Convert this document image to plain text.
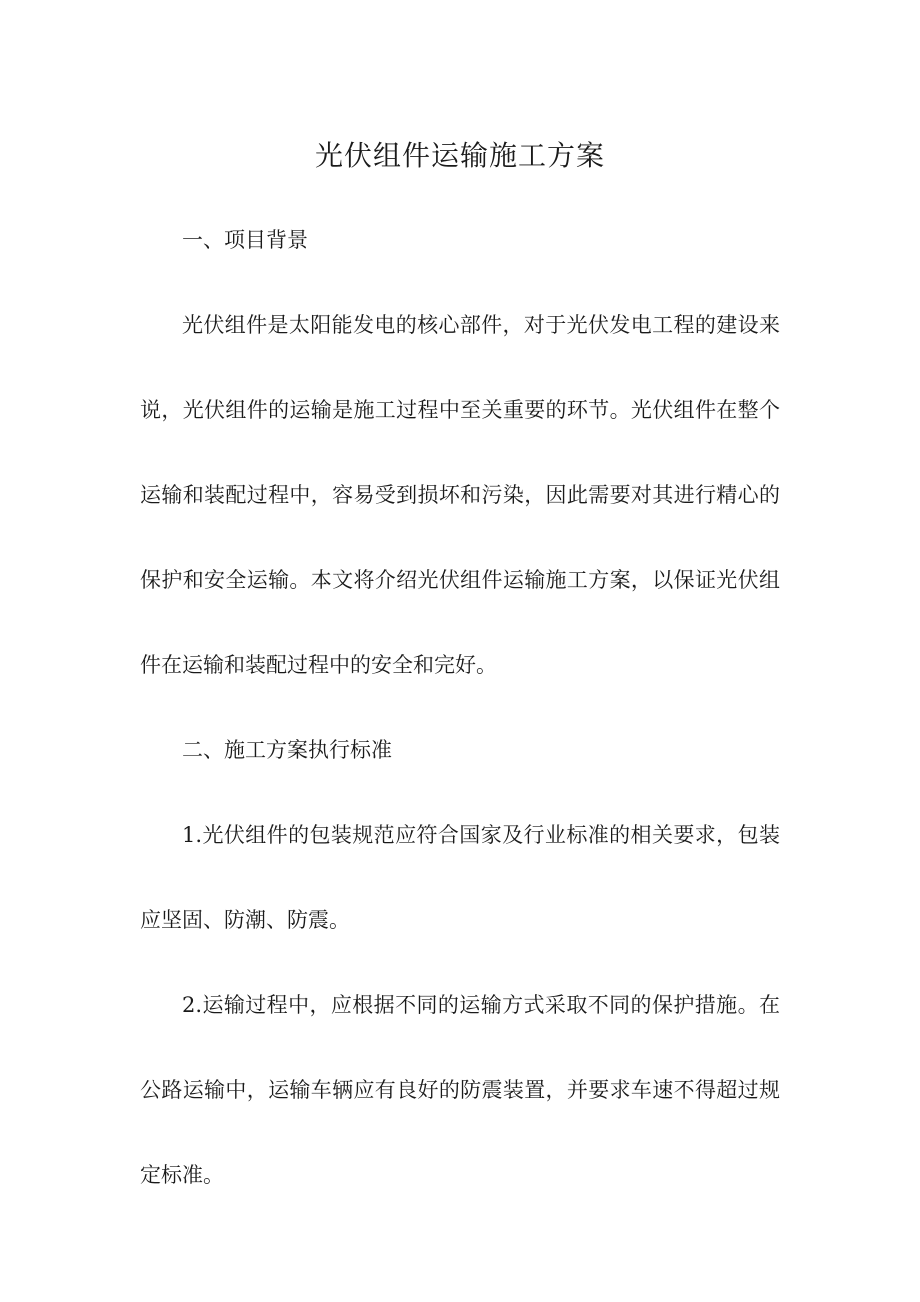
光伏组件运输施工方案
一、项目背景
光伏组件是太阳能发电的核心部件，对于光伏发电工程的建设来
说，光伏组件的运输是施工过程中至关重要的环节。光伏组件在整个
运输和装配过程中，容易受到损坏和污染，因此需要对其进行精心的
保护和安全运输。本文将介绍光伏组件运输施工方案，以保证光伏组
件在运输和装配过程中的安全和完好。
二、施工方案执行标准
1.光伏组件的包装规范应符合国家及行业标准的相关要求，包装
应坚固、防潮、防震。
2.运输过程中，应根据不同的运输方式采取不同的保护措施。在
公路运输中，运输车辆应有良好的防震装置，并要求车速不得超过规
定标准。
